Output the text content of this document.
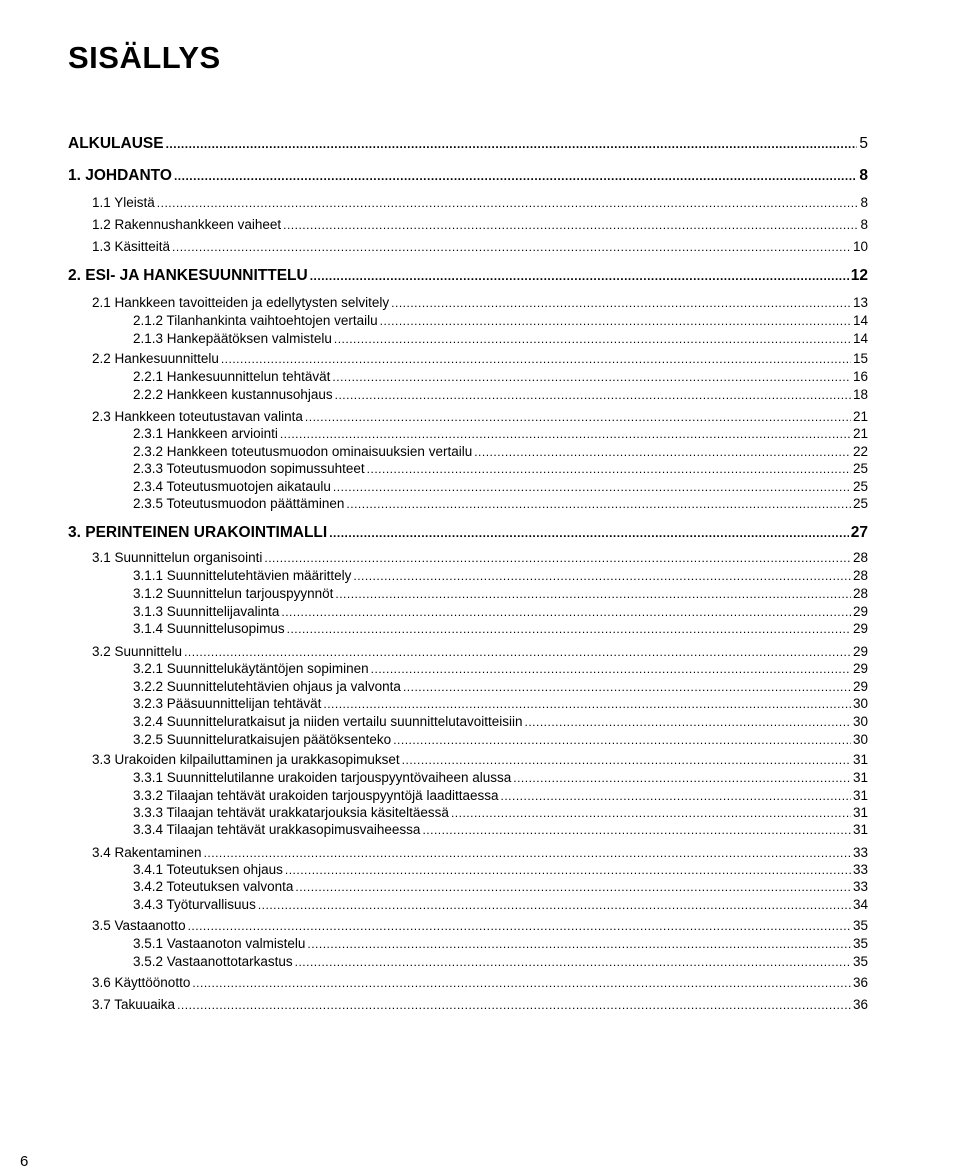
SISÄLLYS
ALKULAUSE .....	5
1. JOHDANTO .....	8
1.1 Yleistä .....	8
1.2 Rakennushankkeen vaiheet .....	8
1.3 Käsitteitä .....	10
2. ESI- JA HANKESUUNNITTELU .....	12
2.1 Hankkeen tavoitteiden ja edellytysten selvitely .....	13
2.1.2 Tilanhankinta vaihtoehtojen vertailu .....	14
2.1.3 Hankepäätöksen valmistelu .....	14
2.2 Hankesuunnittelu .....	15
2.2.1 Hankesuunnittelun tehtävät .....	16
2.2.2 Hankkeen kustannusohjaus .....	18
2.3 Hankkeen toteutustavan valinta .....	21
2.3.1 Hankkeen arviointi .....	21
2.3.2 Hankkeen toteutusmuodon ominaisuuksien vertailu .....	22
2.3.3 Toteutusmuodon sopimussuhteet .....	25
2.3.4 Toteutusmuotojen aikataulu .....	25
2.3.5 Toteutusmuodon päättäminen .....	25
3. PERINTEINEN URAKOINTIMALLI .....	27
3.1 Suunnittelun organisointi .....	28
3.1.1 Suunnittelutehtävien määrittely .....	28
3.1.2 Suunnittelun tarjouspyynnöt .....	28
3.1.3 Suunnittelijavalinta .....	29
3.1.4 Suunnittelusopimus .....	29
3.2 Suunnittelu .....	29
3.2.1 Suunnittelukäytäntöjen sopiminen .....	29
3.2.2 Suunnittelutehtävien ohjaus ja valvonta .....	29
3.2.3 Pääsuunnittelijan tehtävät .....	30
3.2.4 Suunnitteluratkaisut ja niiden vertailu suunnittelutavoitteisiin .....	30
3.2.5 Suunnitteluratkaisujen päätöksenteko .....	30
3.3 Urakoiden kilpailuttaminen ja urakkasopimukset .....	31
3.3.1 Suunnittelutilanne urakoiden tarjouspyyntövaiheen alussa .....	31
3.3.2 Tilaajan tehtävät urakoiden tarjouspyyntöjä laadittaessa .....	31
3.3.3 Tilaajan tehtävät urakkatarjouksia käsiteltäessä .....	31
3.3.4 Tilaajan tehtävät urakkasopimusvaiheessa .....	31
3.4 Rakentaminen .....	33
3.4.1 Toteutuksen ohjaus .....	33
3.4.2 Toteutuksen valvonta .....	33
3.4.3 Työturvallisuus .....	34
3.5 Vastaanotto .....	35
3.5.1 Vastaanoton valmistelu .....	35
3.5.2 Vastaanottotarkastus .....	35
3.6 Käyttöönotto .....	36
3.7 Takuuaika .....	36
6
